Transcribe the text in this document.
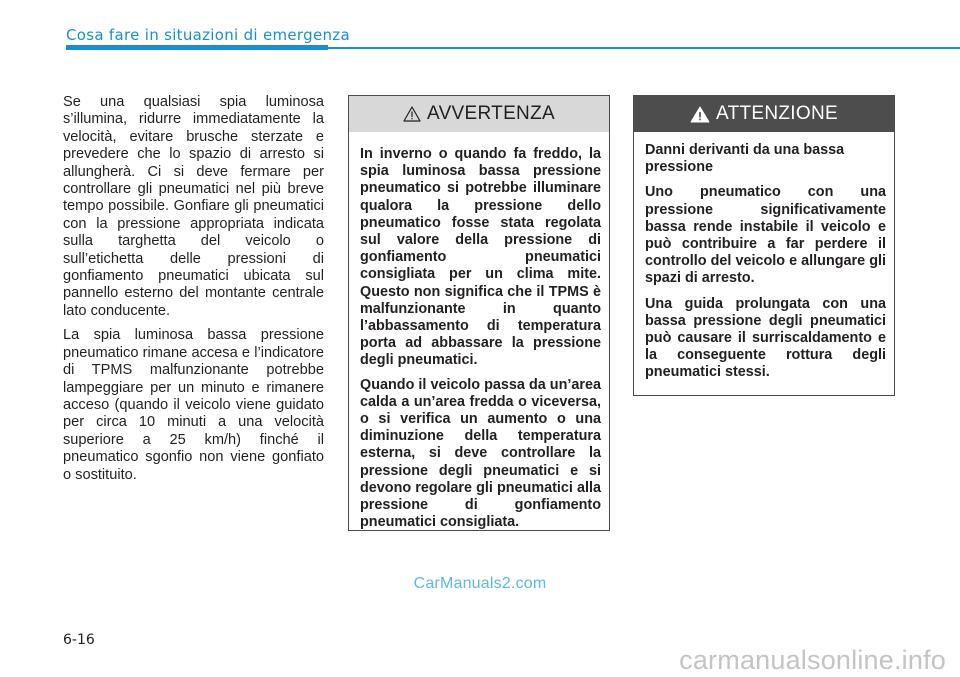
Cosa fare in situazioni di emergenza

Se una qualsiasi spia luminosa s’illumina, ridurre immediatamente la velocità, evitare brusche sterzate e prevedere che lo spazio di arresto si allungherà. Ci si deve fermare per controllare gli pneumatici nel più breve tempo possibile. Gonfiare gli pneumatici con la pressione appropriata indicata sulla targhetta del veicolo o sull’etichetta delle pressioni di gonfiamento pneumatici ubicata sul pannello esterno del montante centrale lato conducente.

La spia luminosa bassa pressione pneumatico rimane accesa e l’indicatore di TPMS malfunzionante potrebbe lampeggiare per un minuto e rimanere acceso (quando il veicolo viene guidato per circa 10 minuti a una velocità superiore a 25 km/h) finché il pneumatico sgonfio non viene gonfiato o sostituito.

AVVERTENZA

In inverno o quando fa freddo, la spia luminosa bassa pressione pneumatico si potrebbe illuminare qualora la pressione dello pneumatico fosse stata regolata sul valore della pressione di gonfiamento pneumatici consigliata per un clima mite. Questo non significa che il TPMS è malfunzionante in quanto l’abbassamento di temperatura porta ad abbassare la pressione degli pneumatici.

Quando il veicolo passa da un’area calda a un’area fredda o viceversa, o si verifica un aumento o una diminuzione della temperatura esterna, si deve controllare la pressione degli pneumatici e si devono regolare gli pneumatici alla pressione di gonfiamento pneumatici consigliata.

ATTENZIONE

Danni derivanti da una bassa pressione

Uno pneumatico con una pressione significativamente bassa rende instabile il veicolo e può contribuire a far perdere il controllo del veicolo e allungare gli spazi di arresto.

Una guida prolungata con una bassa pressione degli pneumatici può causare il surriscaldamento e la conseguente rottura degli pneumatici stessi.

CarManuals2.com
6-16
carmanualsonline.info
